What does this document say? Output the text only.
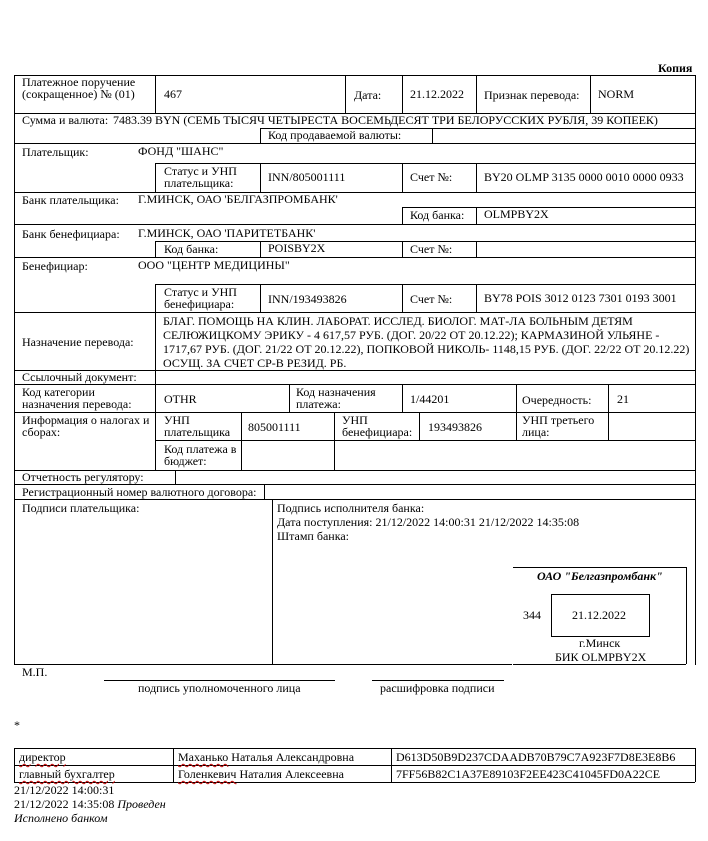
Копия
Платежное поручение (сокращенное) № (01)	467	Дата: 21.12.2022 Признак перевода: NORM
Сумма и валюта: 7483.39 BYN (СЕМЬ ТЫСЯЧ ЧЕТЫРЕСТА ВОСЕМЬДЕСЯТ ТРИ БЕЛОРУССКИХ РУБЛЯ, 39 КОПЕЕК)
Код продаваемой валюты:
Плательщик:	ФОНД "ШАНС"
Статус и УНП плательщика:	INN/805001111	Счет №:	BY20 OLMP 3135 0000 0010 0000 0933
Банк плательщика: Г.МИНСК, ОАО 'БЕЛГАЗПРОМБАНК'
Код банка: OLMPBY2X
Банк бенефициара: Г.МИНСК, ОАО 'ПАРИТЕТБАНК'
Код банка:	POISBY2X	Счет №:
Бенефициар:	ООО "ЦЕНТР МЕДИЦИНЫ"
Статус и УНП бенефициара:	INN/193493826	Счет №:	BY78 POIS 3012 0123 7301 0193 3001
Назначение перевода:
БЛАГ. ПОМОЩЬ НА КЛИН. ЛАБОРАТ. ИССЛЕД. БИОЛОГ. МАТ-ЛА БОЛЬНЫМ ДЕТЯМ СЕЛЮЖИЦКОМУ ЭРИКУ - 4 617,57 РУБ. (ДОГ. 20/22 ОТ 20.12.22); КАРМАЗИНОЙ УЛЬЯНЕ - 1717,67 РУБ. (ДОГ. 21/22 ОТ 20.12.22), ПОПКОВОЙ НИКОЛЬ- 1148,15 РУБ. (ДОГ. 22/22 ОТ 20.12.22) ОСУЩ. ЗА СЧЕТ СР-В РЕЗИД. РБ.
Ссылочный документ:
Код категории назначения перевода:	OTHR	Код назначения платежа:	1/44201	Очередность: 21
Информация о налогах и сборах:
УНП плательщика	805001111	УНП бенефициара:	193493826	УНП третьего лица:
Код платежа в бюджет:
Отчетность регулятору:
Регистрационный номер валютного договора:
Подписи плательщика:	Подпись исполнителя банка:
Дата поступления: 21/12/2022 14:00:31 21/12/2022 14:35:08
Штамп банка:
ОАО "Белгазпромбанк"
344	21.12.2022
г.Минск
БИК OLMPBY2X
М.П.
подпись уполномоченного лица	расшифровка подписи
*
директор	Маханько Наталья Александровна	D613D50B9D237CDAADB70B79C7A923F7D8E3E8B6
главный бухгалтер	Голенкевич Наталия Алексеевна	7FF56B82C1A37E89103F2EE423C41045FD0A22CE
21/12/2022 14:00:31
21/12/2022 14:35:08 Проведен
Исполнено банком
